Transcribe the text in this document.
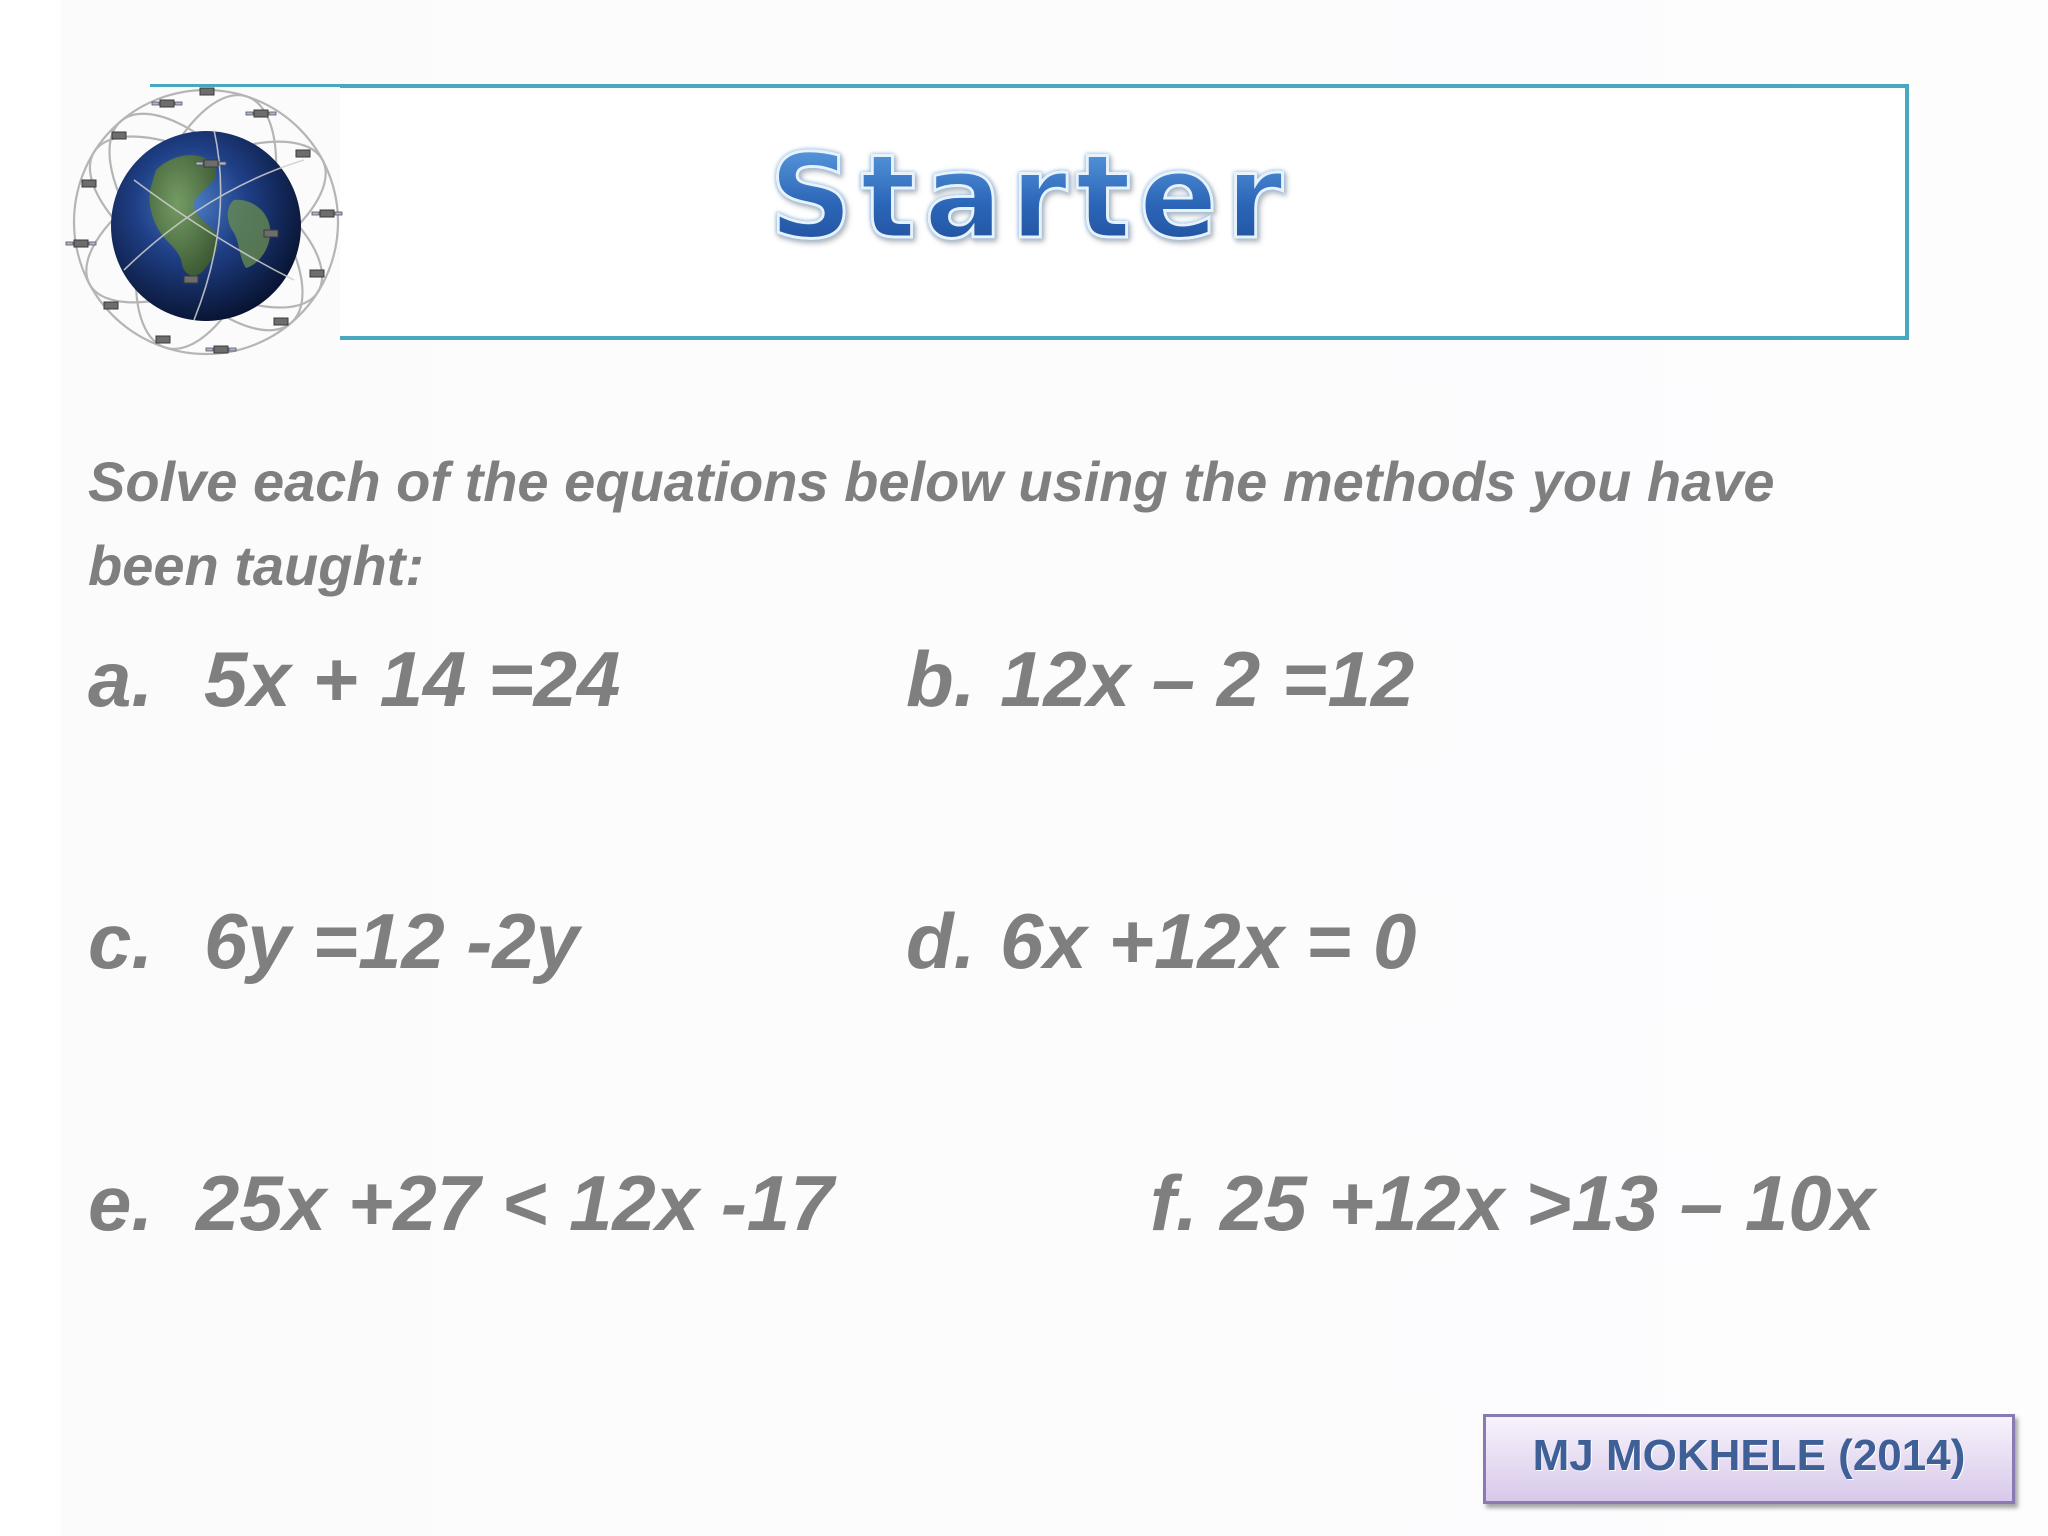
Starter
Solve each of the equations below using the methods you have been taught:
a. 5x + 14 =24	b. 12x – 2 =12
c. 6y =12 -2y	d. 6x +12x = 0
e. 25x +27 < 12x -17	f. 25 +12x >13 – 10x
MJ MOKHELE (2014)
